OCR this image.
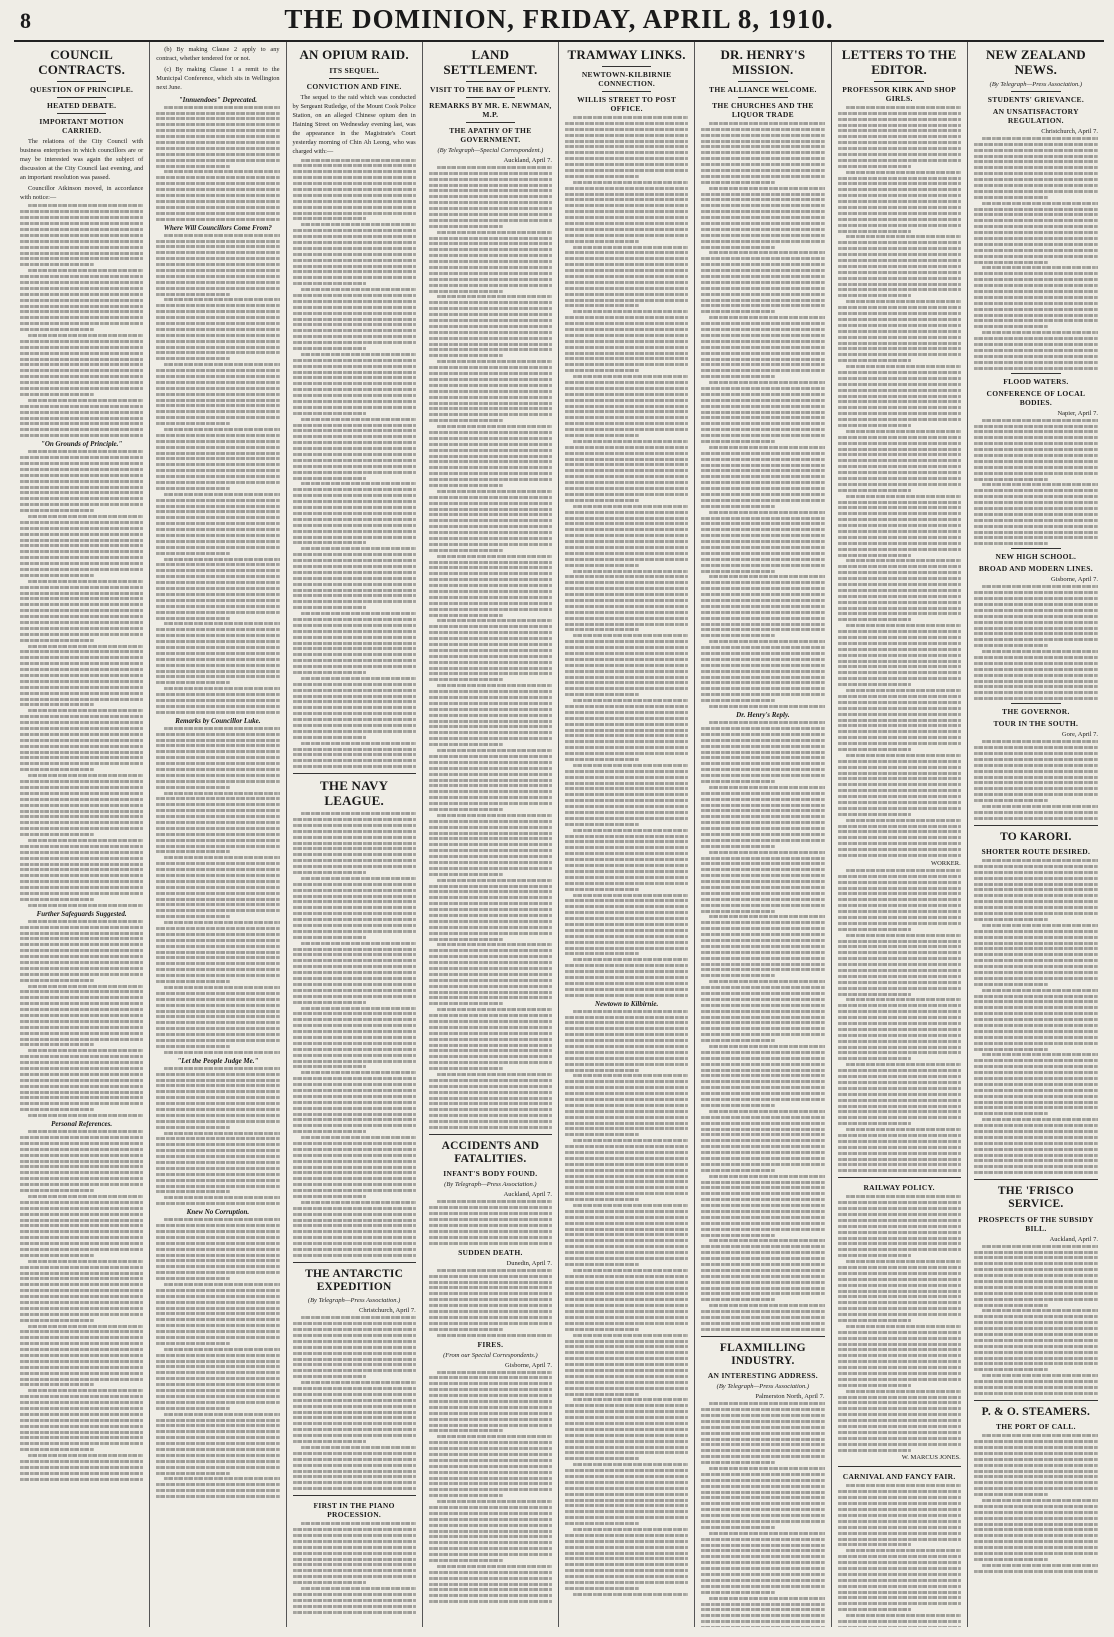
8	THE DOMINION, FRIDAY, APRIL 8, 1910.
COUNCIL CONTRACTS.
QUESTION OF PRINCIPLE.
HEATED DEBATE.
IMPORTANT MOTION CARRIED.

The relations of the City Council with business enterprises in which councillors are or may be interested was again the subject of discussion at the City Council last evening, and an important resolution was passed.

Councillor Atkinson moved, in accordance with notice:—

"On Grounds of Principle."
Further Safeguards Suggested.
Personal References.

(b) By making Clause 2 apply to any contract, whether tendered for or not.

(c) By making Clause 1 a remit to the Municipal Conference, which sits in Wellington next June.

"Innuendoes" Deprecated.
Where Will Councillors Come From?
Remarks by Councillor Luke.
"Let the People Judge Me."
Knew No Corruption.
AN OPIUM RAID.
ITS SEQUEL.
CONVICTION AND FINE.

The sequel to the raid which was conducted by Sergeant Rutledge, of the Mount Cook Police Station, on an alleged Chinese opium den in Haining Street on Wednesday evening last, was the appearance in the Magistrate's Court yesterday morning of Chin Ah Leong, who was charged with:—

THE NAVY LEAGUE.
THE ANTARCTIC EXPEDITION
(By Telegraph—Press Association.)
Christchurch, April 7.
FIRST IN THE PIANO PROCESSION.
LAND SETTLEMENT.
VISIT TO THE BAY OF PLENTY.
REMARKS BY MR. E. NEWMAN, M.P.
THE APATHY OF THE GOVERNMENT.
(By Telegraph—Special Correspondent.)
Auckland, April 7.
ACCIDENTS AND FATALITIES.
INFANT'S BODY FOUND.
(By Telegraph—Press Association.)
Auckland, April 7.
SUDDEN DEATH.
Dunedin, April 7.
FIRES.
(From our Special Correspondents.)
Gisborne, April 7.
TRAMWAY LINKS.
NEWTOWN-KILBIRNIE CONNECTION.
WILLIS STREET TO POST OFFICE.
Newtown to Kilbirnie.
DR. HENRY'S MISSION.
THE ALLIANCE WELCOME.
THE CHURCHES AND THE LIQUOR TRADE
Dr. Henry's Reply.
FLAXMILLING INDUSTRY.
AN INTERESTING ADDRESS.
(By Telegraph—Press Association.)
Palmerston North, April 7.
LETTERS TO THE EDITOR.
PROFESSOR KIRK AND SHOP GIRLS.
WORKER.
RAILWAY POLICY.
W. MARCUS JONES.
CARNIVAL AND FANCY FAIR.
NEW ZEALAND NEWS.
(By Telegraph—Press Association.)
STUDENTS' GRIEVANCE.
AN UNSATISFACTORY REGULATION.
Christchurch, April 7.
FLOOD WATERS.
CONFERENCE OF LOCAL BODIES.
Napier, April 7.
NEW HIGH SCHOOL.
BROAD AND MODERN LINES.
Gisborne, April 7.
THE GOVERNOR.
TOUR IN THE SOUTH.
Gore, April 7.
TO KARORI.
SHORTER ROUTE DESIRED.
THE 'FRISCO SERVICE.
PROSPECTS OF THE SUBSIDY BILL.
Auckland, April 7.
P. & O. STEAMERS.
THE PORT OF CALL.
